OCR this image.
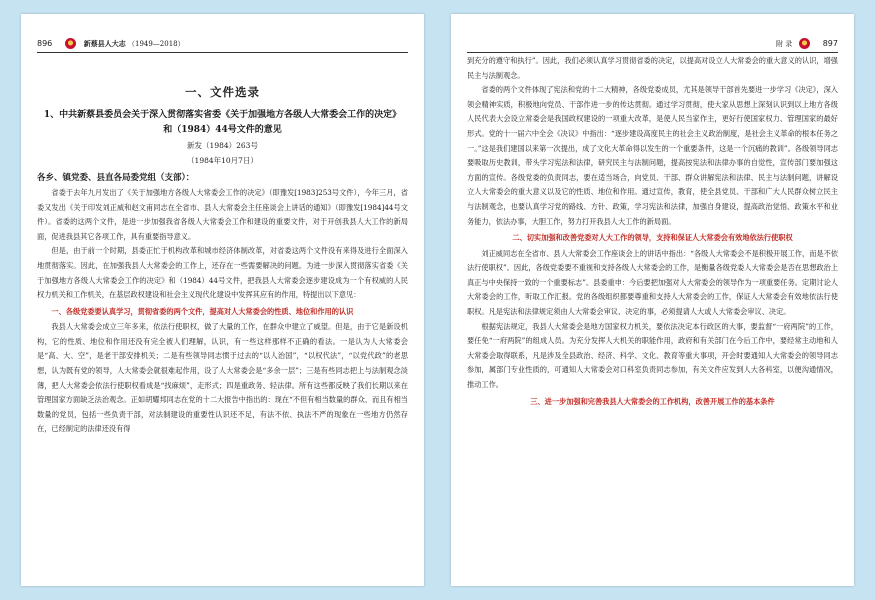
896	新蔡县人大志 （1949—2018）
一、文件选录
1、中共新蔡县委员会关于深入贯彻落实省委《关于加强地方各级人大常委会工作的决定》和（1984）44号文件的意见
新发（1984）263号
（1984年10月7日）
各乡、镇党委、县直各局委党组（支部）：

省委于去年九月发出了《关于加强地方各级人大常委会工作的决定》（即豫发[1983]253号文件），今年三月，省委又发出《关于印发刘正威和赵文甫同志在全省市、县人大常委会主任座谈会上讲话的通知》（即豫发[1984]44号文件）。省委的这两个文件，是进一步加强我省各级人大常委会工作和建设的重要文件，对于开创我县人大工作的新局面，促进我县其它各项工作，具有重要指导意义。

但是，由于前一个时期，县委正忙于机构改革和城市经济体制改革，对省委这两个文件没有来得及进行全面深入地贯彻落实。因此，在加强我县人大常委会的工作上，还存在一些需要解决的问题。为进一步深入贯彻落实省委《关于加强地方各级人大常委会工作的决定》和（1984）44号文件，把我县人大常委会逐步建设成为一个有权威的人民权力机关和工作机关，在基层政权建设和社会主义现代化建设中发挥其应有的作用，特提出以下意见：

一、各级党委要认真学习，贯彻省委的两个文件，提高对人大常委会的性质、地位和作用的认识

我县人大常委会成立三年多来，依法行使职权，做了大量的工作，在群众中建立了威望。但是，由于它是新设机构，它的性质、地位和作用还没有完全被人们理解，认识，有一些这样那样不正确的看法。一是认为人大常委会是“高、大、空”，是老干部安排机关；二是有些领导同志惯于过去的“以人治国”，“以权代法”，“以党代政”的老思想，认为既有党的领导，人大常委会就很难起作用，设了人大常委会是“多余一层”；三是有些同志把上与法制观念淡薄，把人大常委会依法行使职权看成是“找麻烦”，走形式；四是重政务、轻法律。所有这些都反映了我们长期以来在管理国家方面缺乏法治观念。正如胡耀邦同志在党的十二大报告中指出的：现在“不但有相当数量的群众、而且有相当数量的党员，包括一些负责干部，对法制建设的重要性认识还不足，有法不依、执法不严的现象在一些地方仍然存在，已经制定的法律还没有得

附 录	897

到充分的遵守和执行”。因此，我们必须认真学习贯彻省委的决定，以提高对设立人大常委会的重大意义的认识，增强民主与法制观念。

省委的两个文件体现了宪法和党的十二大精神，各级党委成员，尤其是领导干部首先要进一步学习《决定》，深入领会精神实质，积极地向党员、干部作进一步的传达贯彻。通过学习贯彻，使大家从思想上深刻认识到以上地方各级人民代表大会设立常委会是我国政权建设的一项重大改革，是使人民当家作主，更好行使国家权力、管理国家的最好形式。党的十一届六中全会《决议》中指出：“逐步建设高度民主的社会主义政治制度，是社会主义革命的根本任务之一。”这是我们建国以来第一次提出，成了文化大革命得以发生的一个重要条件，这是一个沉痛的教训”。各级领导同志要吸取历史教训，带头学习宪法和法律，研究民主与法制问题，提高按宪法和法律办事的自觉性，宣传部门要加强这方面的宣传。各级党委的负责同志，要在适当场合，向党员、干部、群众讲解宪法和法律、民主与法制问题，讲解设立人大常委会的重大意义以及它的性质、地位和作用。通过宣传，教育，使全县党员、干部和广大人民群众树立民主与法制观念，也要认真学习党的路线、方针、政策，学习宪法和法律，加强自身建设，提高政治觉悟、政策水平和业务能力，依法办事，大胆工作，努力打开我县人大工作的新局面。

二、切实加强和改善党委对人大工作的领导，支持和保证人大常委会有效地依法行使职权

刘正威同志在全省市、县人大常委会工作座谈会上的讲话中指出：“各级人大常委会不是积极开展工作，而是不依法行使职权”。因此，各级党委要不重视和支持各级人大常委会的工作，是衡量各级党委人大常委会是否在思想政治上真正与中央保持一致的一个重要标志”。县委重申：今后要把加强对人大常委会的领导作为一项重要任务。定期讨论人大常委会的工作，听取工作汇报。党的各级组织都要尊重和支持人大常委会的工作，保证人大常委会有效地依法行使职权。凡是宪法和法律规定须由人大常委会审议、决定的事，必须提请人大或人大常委会审议、决定。

根据宪法规定，我县人大常委会是地方国家权力机关，要依法决定本行政区的大事，要监督“一府两院”的工作，要任免“一府两院”的组成人员。为充分发挥人大机关的职能作用，政府和有关部门在今后工作中，要经常主动地和人大常委会取得联系，凡是涉及全县政治、经济、科学、文化、教育等重大事项，开会时要通知人大常委会的领导同志参加，属部门专业性质的，可通知人大常委会对口科室负责同志参加，有关文件应发到人大各科室，以便沟通情况，推动工作。

三、进一步加强和完善我县人大常委会的工作机构，改善开展工作的基本条件
